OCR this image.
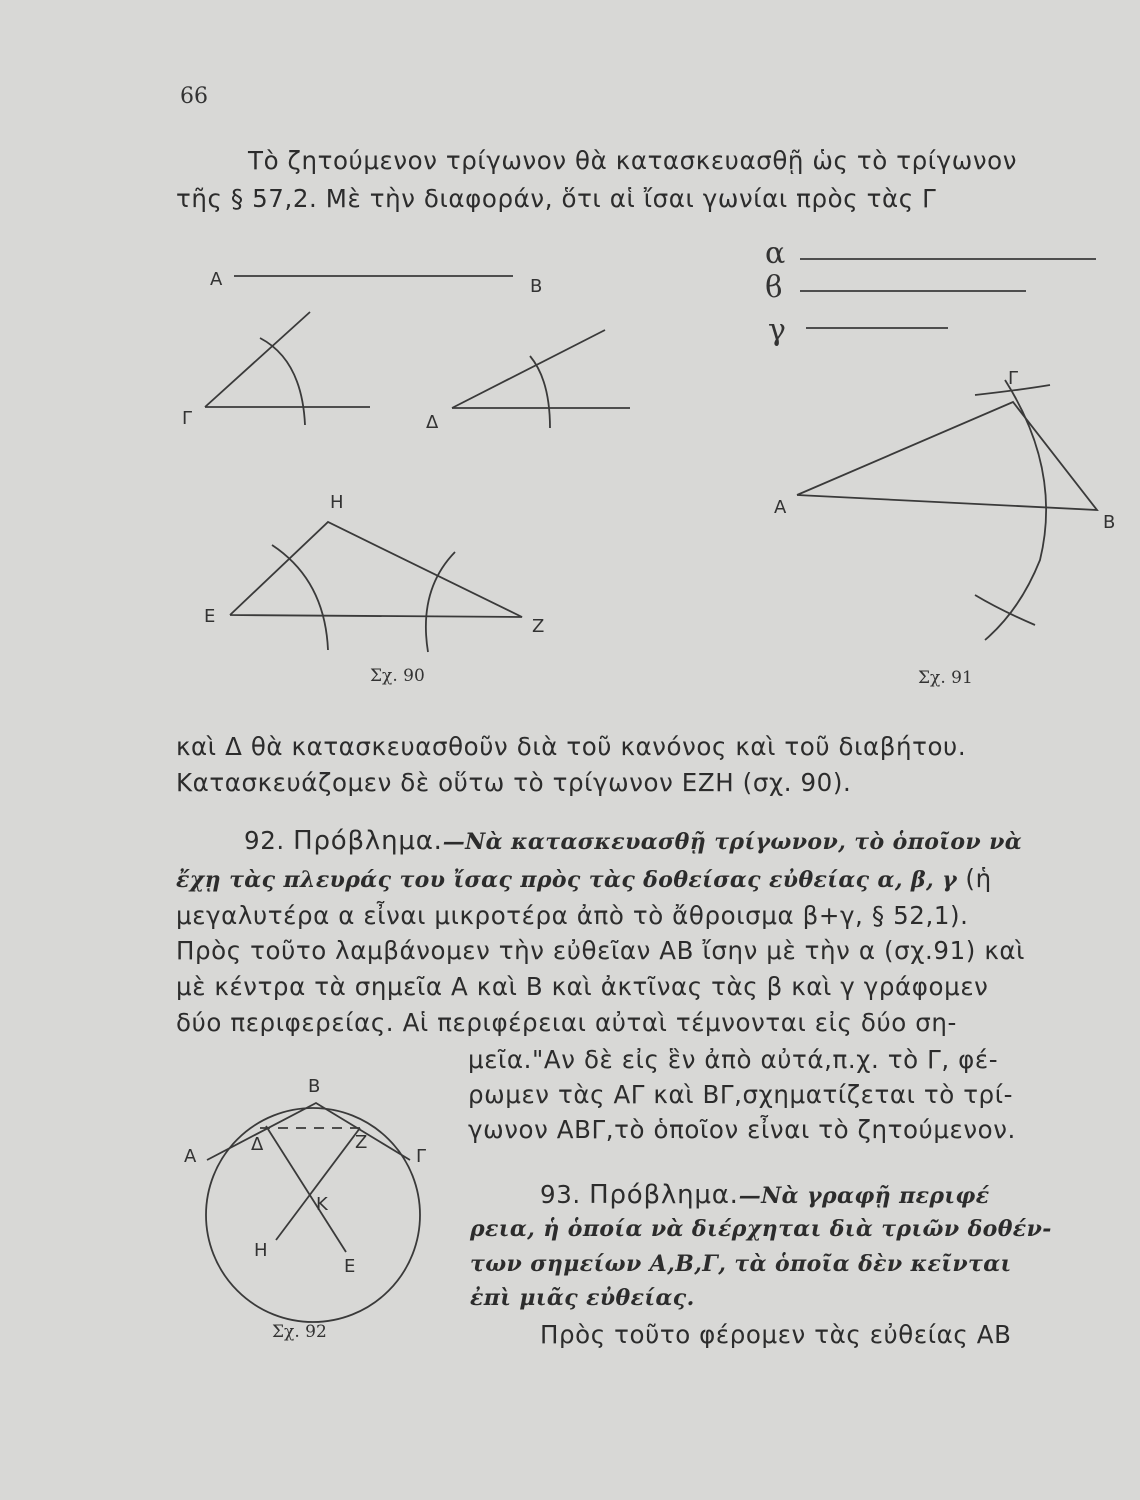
66
Τὸ ζητούμενον τρίγωνον θὰ κατασκευασθῇ ὡς τὸ τρίγωνον
τῆς § 57,2. Μὲ τὴν διαφοράν, ὅτι αἱ ἴσαι γωνίαι πρὸς τὰς Γ
A	B
Γ	Δ
H
E	Z
Σχ. 90
α
ϐ
γ
Γ
A
B
Σχ. 91
καὶ Δ θὰ κατασκευασθοῦν διὰ τοῦ κανόνος καὶ τοῦ διαβήτου.
Κατασκευάζομεν δὲ οὕτω τὸ τρίγωνον ΕΖΗ (σχ. 90).
92. Πρόβλημα.—Νὰ κατασκευασθῇ τρίγωνον, τὸ ὁποῖον νὰ
ἔχῃ τὰς πλευράς του ἴσας πρὸς τὰς δοθείσας εὐθείας α, β, γ (ἡ
μεγαλυτέρα α εἶναι μικροτέρα ἀπὸ τὸ ἄθροισμα β+γ, § 52,1).
Πρὸς τοῦτο λαμβάνομεν τὴν εὐθεῖαν ΑΒ ἴσην μὲ τὴν α (σχ.91) καὶ
μὲ κέντρα τὰ σημεῖα Α καὶ Β καὶ ἀκτῖνας τὰς β καὶ γ γράφομεν
δύο περιφερείας. Αἱ περιφέρειαι αὐταὶ τέμνονται εἰς δύο ση-
μεῖα."Αν δὲ εἰς ἓν ἀπὸ αὐτά,π.χ. τὸ Γ, φέ-
ρωμεν τὰς ΑΓ καὶ ΒΓ,σχηματίζεται τὸ τρί-
γωνον ΑΒΓ,τὸ ὁποῖον εἶναι τὸ ζητούμενον.
B
A
Δ	Z
Γ
K
H
E
Σχ. 92
93. Πρόβλημα.—Νὰ γραφῇ περιφέ
ρεια, ἡ ὁποία νὰ διέρχηται διὰ τριῶν δοθέν-
των σημείων Α,Β,Γ, τὰ ὁποῖα δὲν κεῖνται
ἐπὶ μιᾶς εὐθείας.
Πρὸς τοῦτο φέρομεν τὰς εὐθείας ΑΒ
